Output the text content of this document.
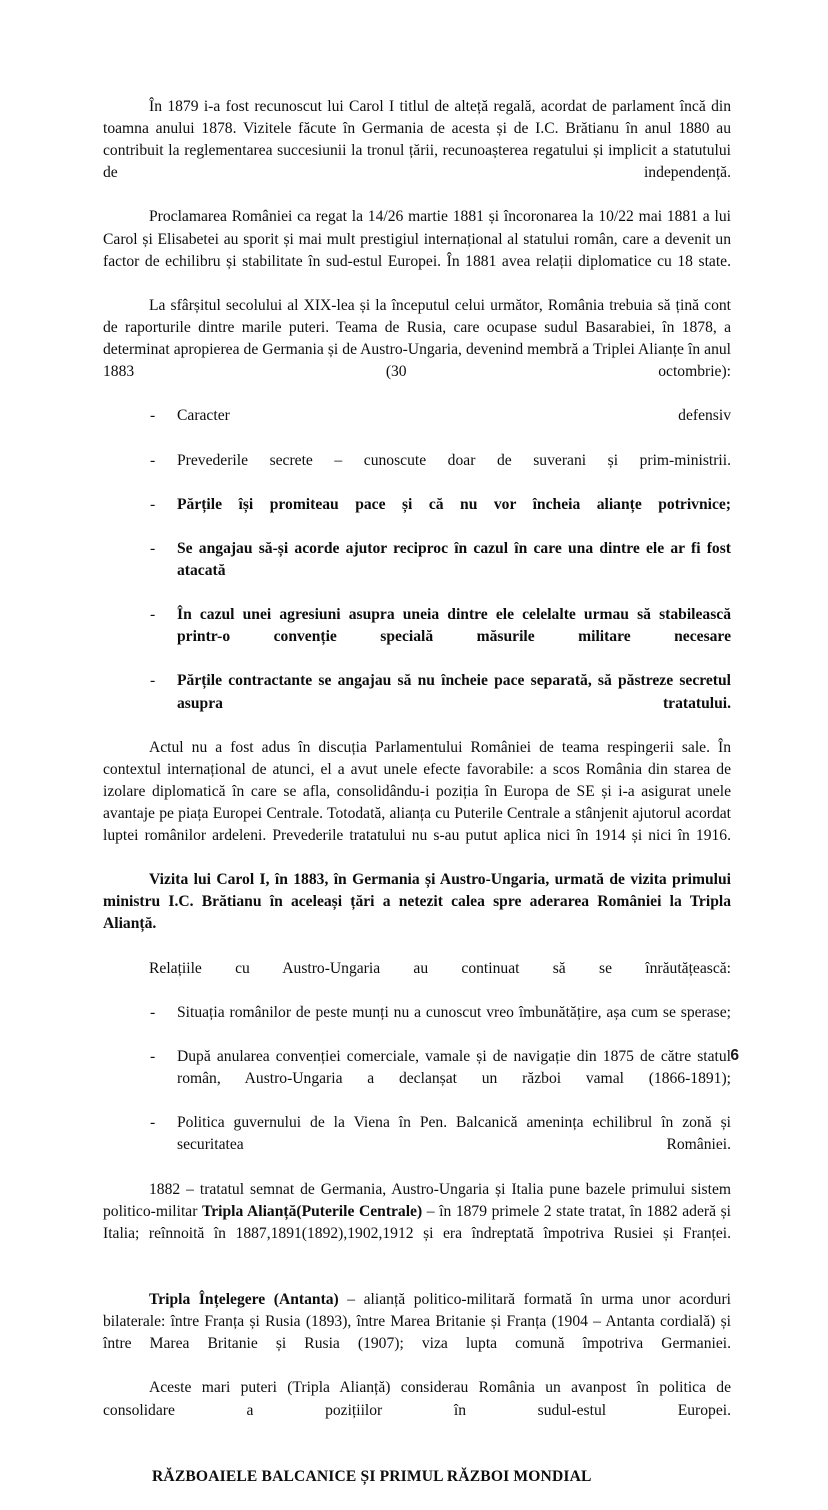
În 1879 i-a fost recunoscut lui Carol I titlul de alteță regală, acordat de parlament încă din toamna anului 1878. Vizitele făcute în Germania de acesta și de I.C. Brătianu în anul 1880 au contribuit la reglementarea succesiunii la tronul țării, recunoașterea regatului și implicit a statutului de independență.

Proclamarea României ca regat la 14/26 martie 1881 și încoronarea la 10/22 mai 1881 a lui Carol și Elisabetei au sporit și mai mult prestigiul internațional al statului român, care a devenit un factor de echilibru și stabilitate în sud-estul Europei. În 1881 avea relații diplomatice cu 18 state.

La sfârșitul secolului al XIX-lea și la începutul celui următor, România trebuia să țină cont de raporturile dintre marile puteri. Teama de Rusia, care ocupase sudul Basarabiei, în 1878, a determinat apropierea de Germania și de Austro-Ungaria, devenind membră a Triplei Alianțe în anul 1883 (30 octombrie):

- Caracter defensiv
- Prevederile secrete – cunoscute doar de suverani și prim-ministrii.
- Părțile își promiteau pace și că nu vor încheia alianțe potrivnice;
- Se angajau să-și acorde ajutor reciproc în cazul în care una dintre ele ar fi fost atacată
- În cazul unei agresiuni asupra uneia dintre ele celelalte urmau să stabilească printr-o convenție specială măsurile militare necesare
- Părțile contractante se angajau să nu încheie pace separată, să păstreze secretul asupra tratatului.

Actul nu a fost adus în discuția Parlamentului României de teama respingerii sale. În contextul internațional de atunci, el a avut unele efecte favorabile: a scos România din starea de izolare diplomatică în care se afla, consolidându-i poziția în Europa de SE și i-a asigurat unele avantaje pe piața Europei Centrale. Totodată, alianța cu Puterile Centrale a stânjenit ajutorul acordat luptei românilor ardeleni. Prevederile tratatului nu s-au putut aplica nici în 1914 și nici în 1916.

Vizita lui Carol I, în 1883, în Germania și Austro-Ungaria, urmată de vizita primului ministru I.C. Brătianu în aceleași țări a netezit calea spre aderarea României la Tripla Alianță.

Relațiile cu Austro-Ungaria au continuat să se înrăutățească:

- Situația românilor de peste munți nu a cunoscut vreo îmbunătățire, așa cum se sperase;
- După anularea convenției comerciale, vamale și de navigație din 1875 de către statul român, Austro-Ungaria a declanșat un război vamal (1866-1891);
- Politica guvernului de la Viena în Pen. Balcanică amenința echilibrul în zonă și securitatea României.

1882 – tratatul semnat de Germania, Austro-Ungaria și Italia pune bazele primului sistem politico-militar Tripla Alianță(Puterile Centrale) – în 1879 primele 2 state tratat, în 1882 aderă și Italia; reînnoită în 1887,1891(1892),1902,1912 și era îndreptată împotriva Rusiei și Franței.

Tripla Înțelegere (Antanta) – alianță politico-militară formată în urma unor acorduri bilaterale: între Franța și Rusia (1893), între Marea Britanie și Franța (1904 – Antanta cordială) și între Marea Britanie și Rusia (1907); viza lupta comună împotriva Germaniei.

Aceste mari puteri (Tripla Alianță) considerau România un avanpost în politica de consolidare a pozițiilor în sudul-estul Europei.

RĂZBOAIELE BALCANICE ȘI PRIMUL RĂZBOI MONDIAL

6
